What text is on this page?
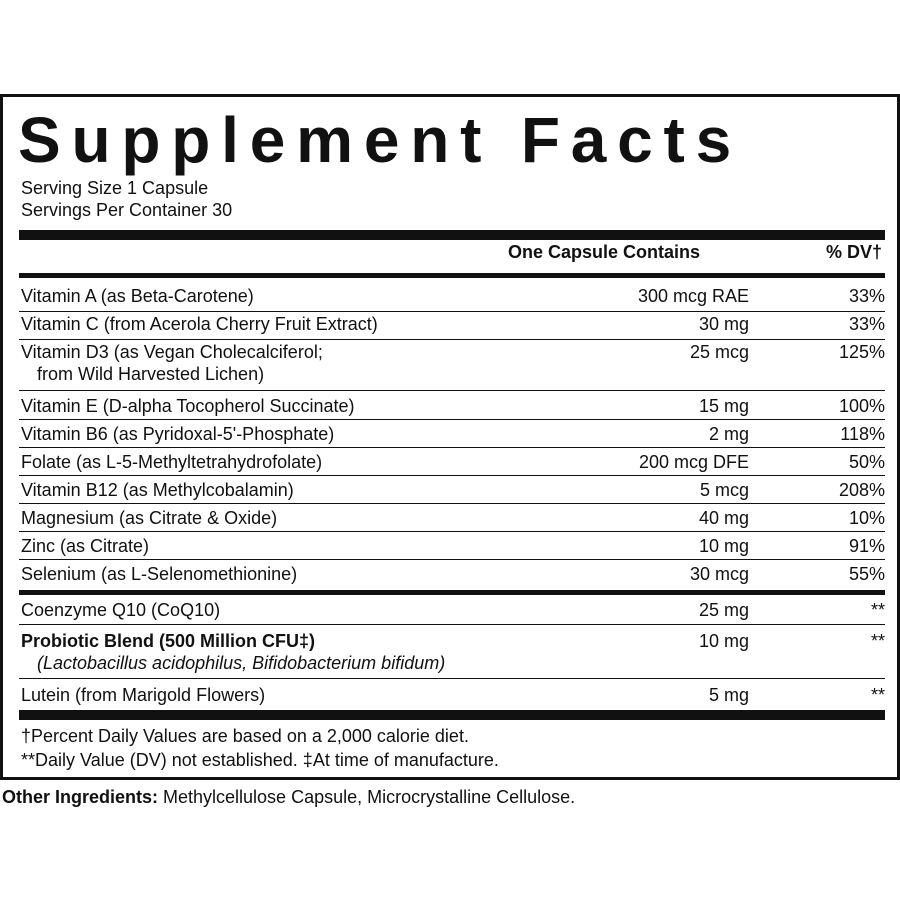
Supplement Facts
Serving Size 1 Capsule
Servings Per Container 30
One Capsule Contains	% DV†
Vitamin A (as Beta-Carotene)	300 mcg RAE	33%
Vitamin C (from Acerola Cherry Fruit Extract)	30 mg	33%
Vitamin D3 (as Vegan Cholecalciferol;
from Wild Harvested Lichen)
25 mcg	125%
Vitamin E (D-alpha Tocopherol Succinate)	15 mg	100%
Vitamin B6 (as Pyridoxal-5'-Phosphate)	2 mg	118%
Folate (as L-5-Methyltetrahydrofolate)	200 mcg DFE	50%
Vitamin B12 (as Methylcobalamin)	5 mcg	208%
Magnesium (as Citrate & Oxide)	40 mg	10%
Zinc (as Citrate)	10 mg	91%
Selenium (as L-Selenomethionine)	30 mcg	55%
Coenzyme Q10 (CoQ10)	25 mg	**
Probiotic Blend (500 Million CFU‡)
(Lactobacillus acidophilus, Bifidobacterium bifidum)
10 mg	**
Lutein (from Marigold Flowers)	5 mg	**
†Percent Daily Values are based on a 2,000 calorie diet.
**Daily Value (DV) not established. ‡At time of manufacture.
Other Ingredients: Methylcellulose Capsule, Microcrystalline Cellulose.
